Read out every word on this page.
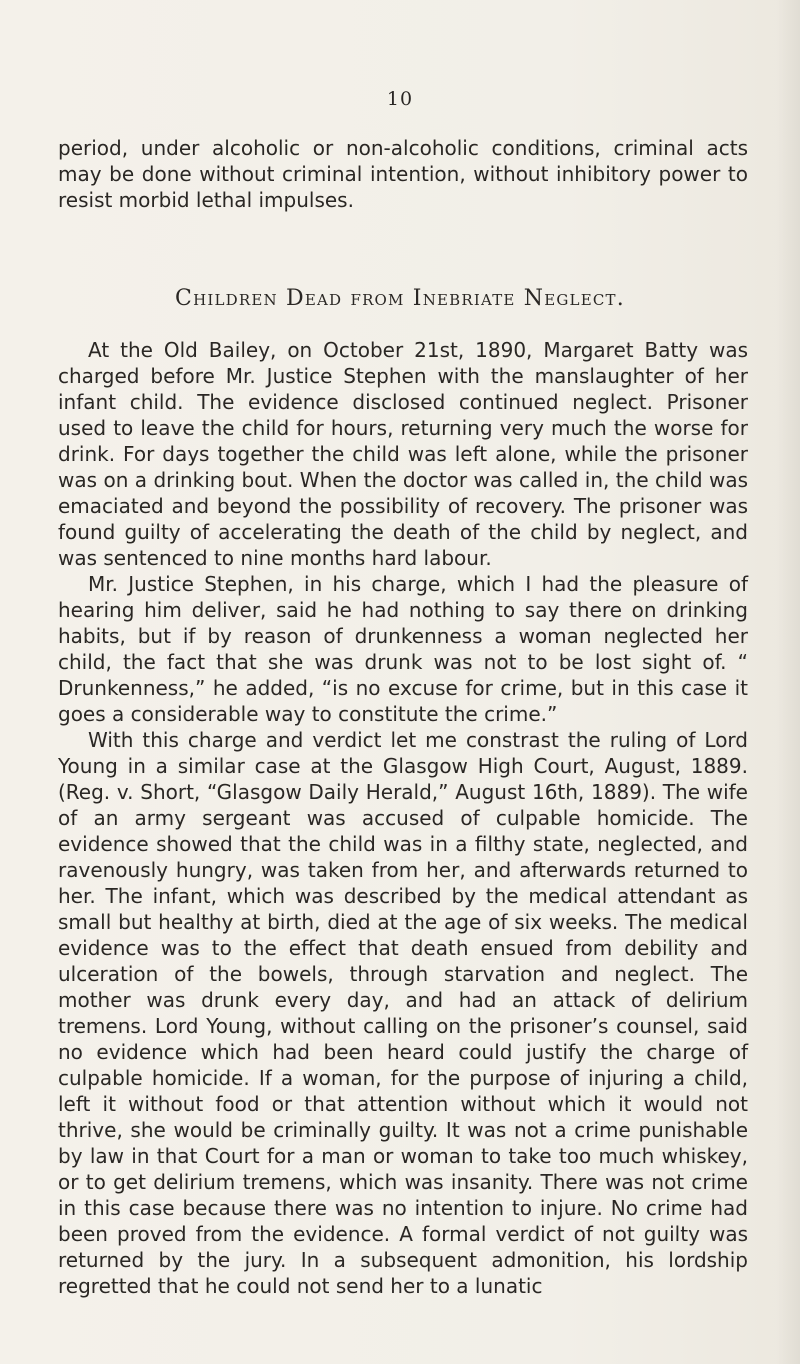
10

period, under alcoholic or non-alcoholic conditions, criminal acts may be done without criminal intention, without inhibitory power to resist morbid lethal impulses.

Children Dead from Inebriate Neglect.

At the Old Bailey, on October 21st, 1890, Margaret Batty was charged before Mr. Justice Stephen with the manslaughter of her infant child. The evidence disclosed continued neglect. Prisoner used to leave the child for hours, returning very much the worse for drink. For days together the child was left alone, while the prisoner was on a drinking bout. When the doctor was called in, the child was emaciated and beyond the possibility of recovery. The prisoner was found guilty of accelerating the death of the child by neglect, and was sentenced to nine months hard labour.

Mr. Justice Stephen, in his charge, which I had the pleasure of hearing him deliver, said he had nothing to say there on drinking habits, but if by reason of drunkenness a woman neglected her child, the fact that she was drunk was not to be lost sight of. “ Drunkenness,” he added, “is no excuse for crime, but in this case it goes a considerable way to constitute the crime.”

With this charge and verdict let me constrast the ruling of Lord Young in a similar case at the Glasgow High Court, August, 1889. (Reg. v. Short, “Glasgow Daily Herald,” August 16th, 1889). The wife of an army sergeant was accused of culpable homicide. The evidence showed that the child was in a filthy state, neglected, and ravenously hungry, was taken from her, and afterwards returned to her. The infant, which was described by the medical attendant as small but healthy at birth, died at the age of six weeks. The medical evidence was to the effect that death ensued from debility and ulceration of the bowels, through starvation and neglect. The mother was drunk every day, and had an attack of delirium tremens. Lord Young, without calling on the prisoner’s counsel, said no evidence which had been heard could justify the charge of culpable homicide. If a woman, for the purpose of injuring a child, left it without food or that attention without which it would not thrive, she would be criminally guilty. It was not a crime punishable by law in that Court for a man or woman to take too much whiskey, or to get delirium tremens, which was insanity. There was not crime in this case because there was no intention to injure. No crime had been proved from the evidence. A formal verdict of not guilty was returned by the jury. In a subsequent admonition, his lordship regretted that he could not send her to a lunatic
